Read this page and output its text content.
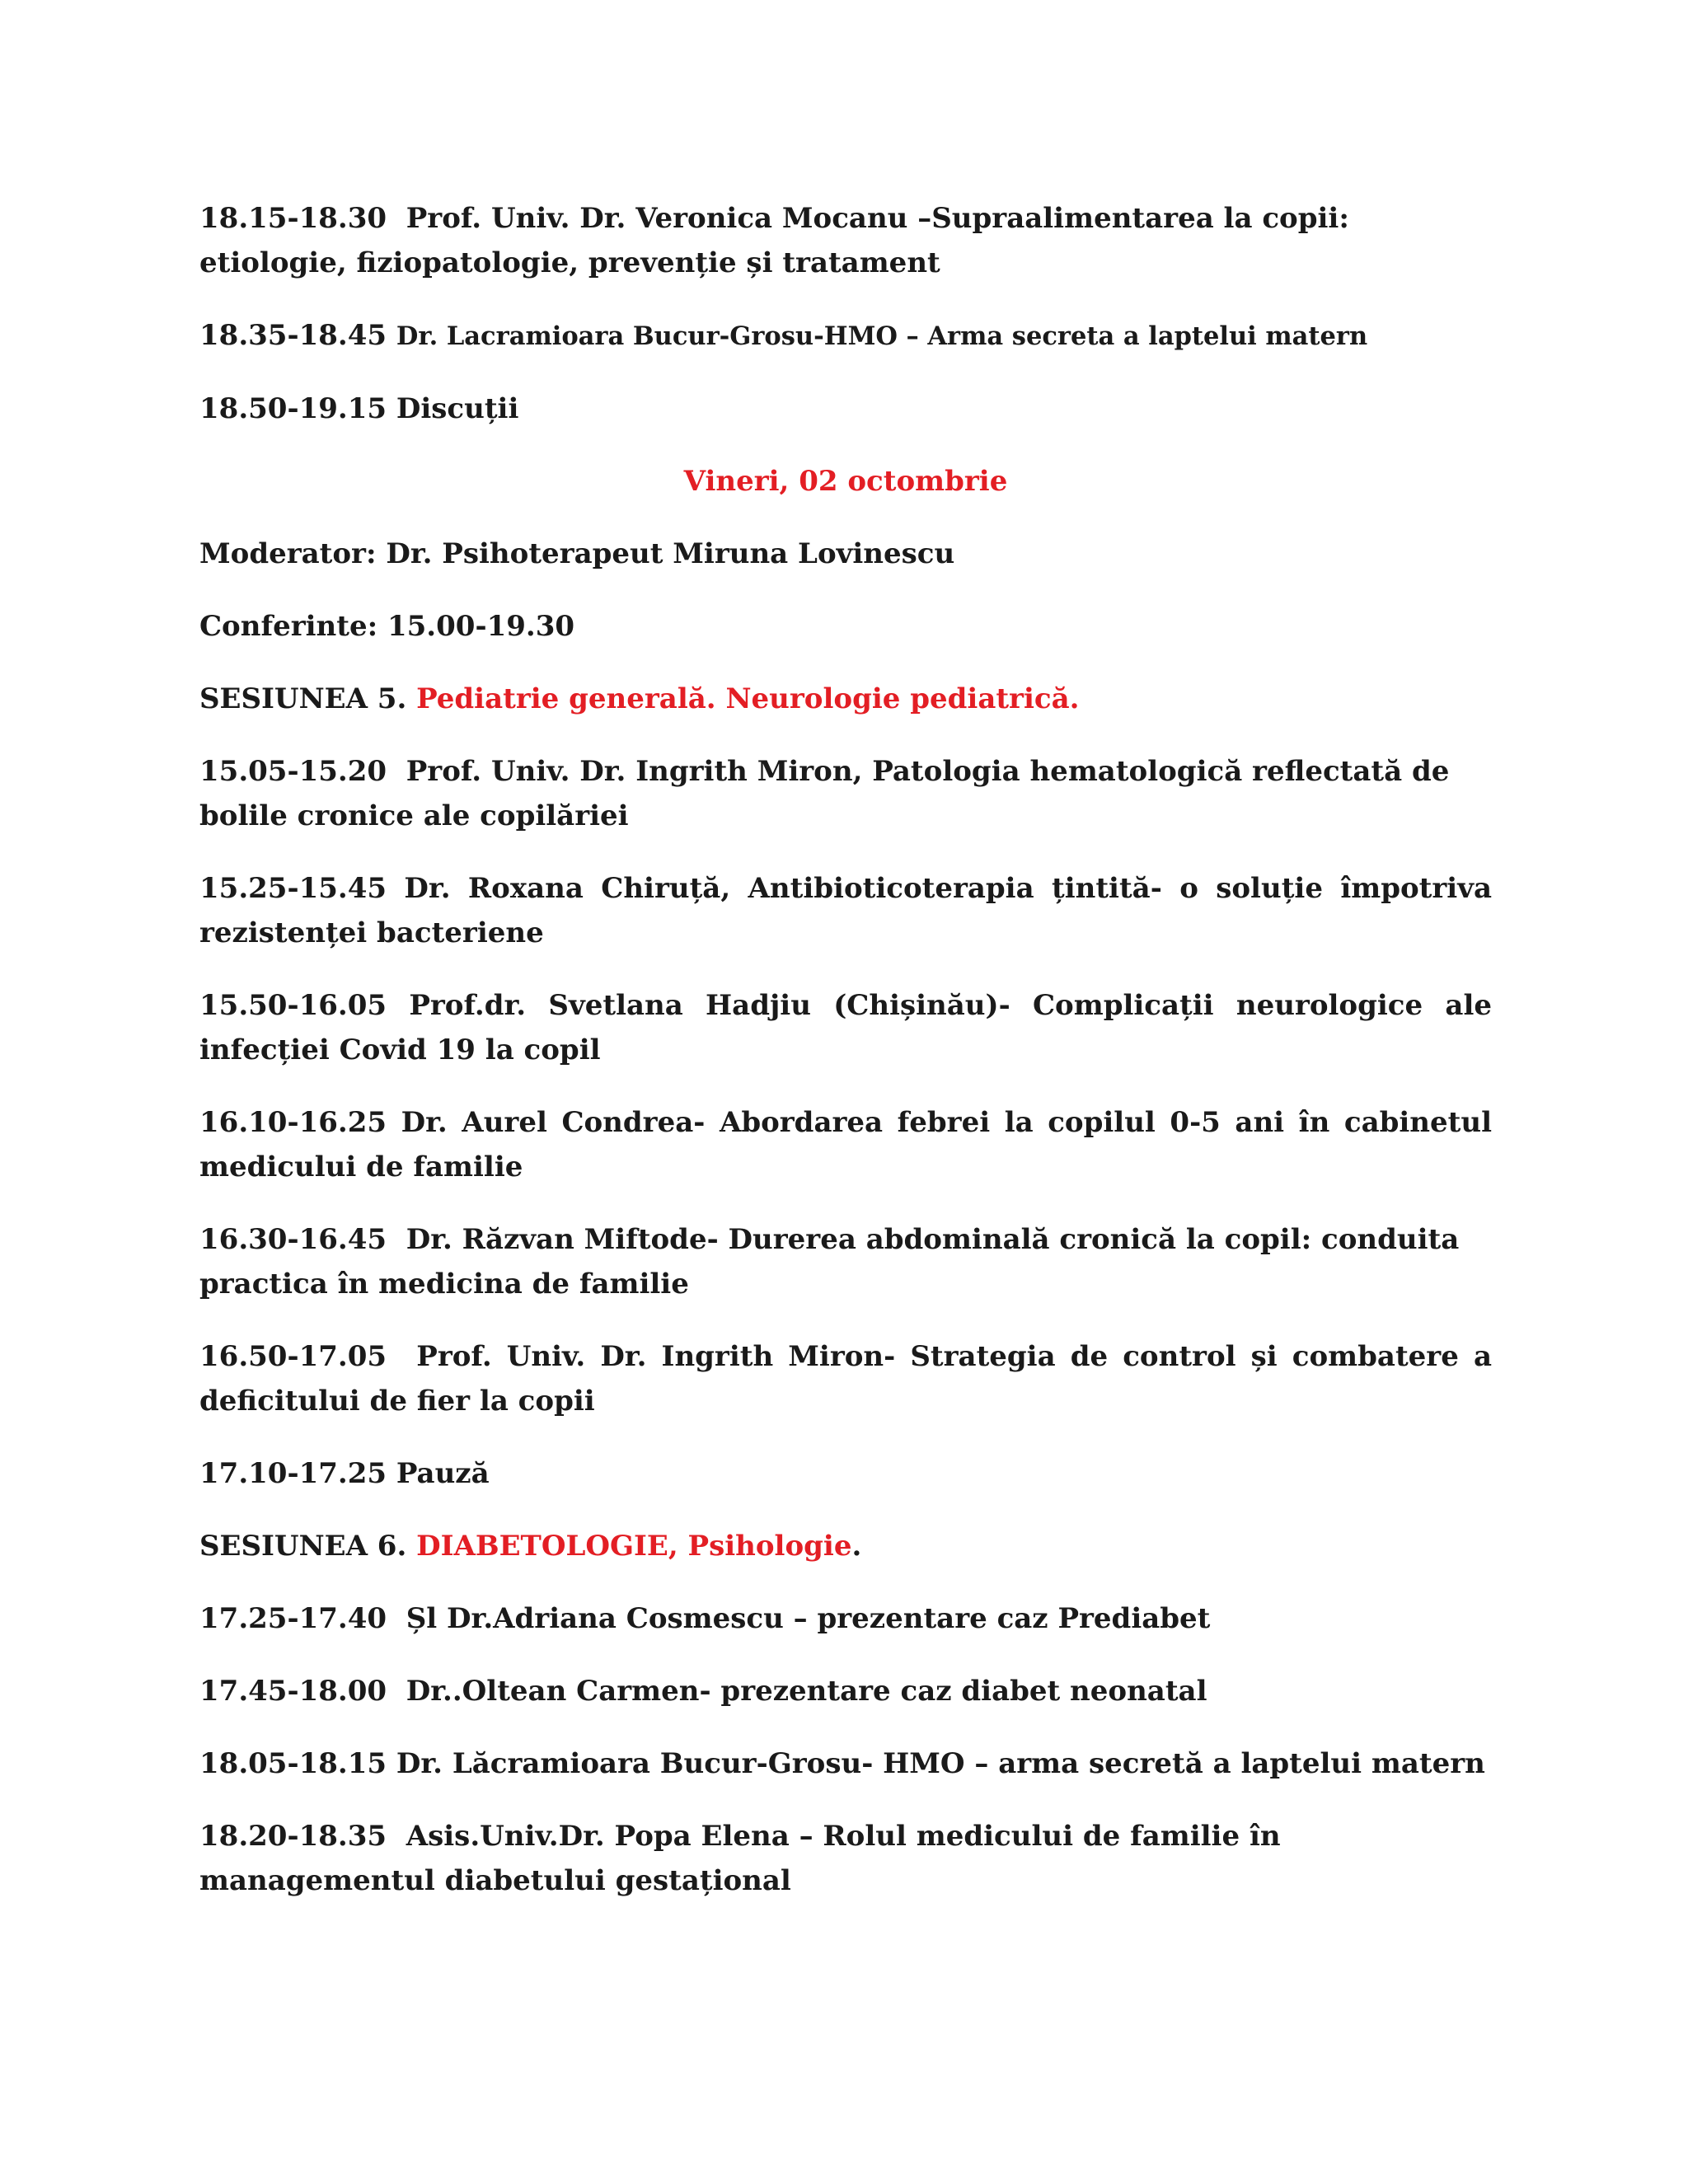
18.15-18.30 Prof. Univ. Dr. Veronica Mocanu –Supraalimentarea la copii: etiologie, fiziopatologie, prevenție și tratament

18.35-18.45 Dr. Lacramioara Bucur-Grosu-HMO – Arma secreta a laptelui matern

18.50-19.15 Discuții

Vineri, 02 octombrie

Moderator: Dr. Psihoterapeut Miruna Lovinescu

Conferinte: 15.00-19.30

SESIUNEA 5. Pediatrie generală. Neurologie pediatrică.

15.05-15.20 Prof. Univ. Dr. Ingrith Miron, Patologia hematologică reflectată de bolile cronice ale copilăriei

15.25-15.45 Dr. Roxana Chiruță, Antibioticoterapia țintită- o soluție împotriva rezistenței bacteriene

15.50-16.05 Prof.dr. Svetlana Hadjiu (Chișinău)- Complicații neurologice ale infecției Covid 19 la copil

16.10-16.25 Dr. Aurel Condrea- Abordarea febrei la copilul 0-5 ani în cabinetul medicului de familie

16.30-16.45 Dr. Răzvan Miftode- Durerea abdominală cronică la copil: conduita practica în medicina de familie

16.50-17.05 Prof. Univ. Dr. Ingrith Miron- Strategia de control și combatere a deficitului de fier la copii

17.10-17.25 Pauză

SESIUNEA 6. DIABETOLOGIE, Psihologie.

17.25-17.40 Șl Dr.Adriana Cosmescu – prezentare caz Prediabet

17.45-18.00 Dr..Oltean Carmen- prezentare caz diabet neonatal

18.05-18.15 Dr. Lăcramioara Bucur-Grosu- HMO – arma secretă a laptelui matern

18.20-18.35 Asis.Univ.Dr. Popa Elena – Rolul medicului de familie în managementul diabetului gestațional
